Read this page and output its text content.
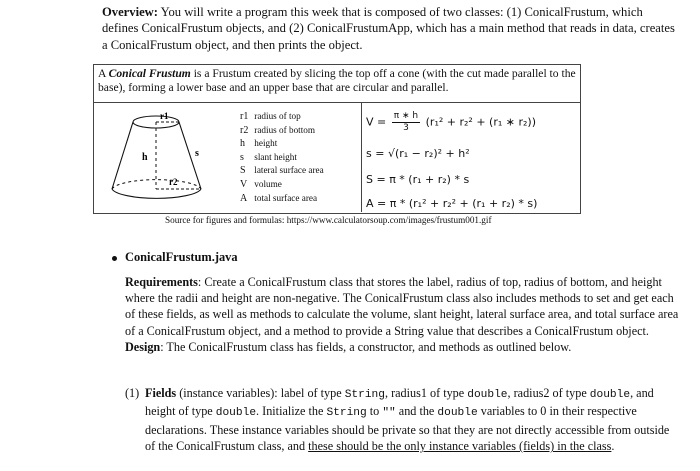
Overview: You will write a program this week that is composed of two classes: (1) ConicalFrustum, which defines ConicalFrustum objects, and (2) ConicalFrustumApp, which has a main method that reads in data, creates a ConicalFrustum object, and then prints the object.
A Conical Frustum is a Frustum created by slicing the top off a cone (with the cut made parallel to the base), forming a lower base and an upper base that are circular and parallel.
r1
r2
s
h
r1 radius of top
r2 radius of bottom
h height
s slant height
S lateral surface area
V volume
A total surface area
$V = \frac{\pi ∗ h}{3} (r_1^2 + r_2^2 + (r_1$ ∗ r₂))
s = √(r₁ − r₂)² + h²
S = π * (r₁ + r₂) * s
A = π * (r₁² + r₂² + (r₁ + r₂) * s)
Source for figures and formulas: https://www.calculatorsoup.com/images/frustum001.gif
ConicalFrustum.java
Requirements: Create a ConicalFrustum class that stores the label, radius of top, radius of bottom, and height where the radii and height are non-negative. The ConicalFrustum class also includes methods to set and get each of these fields, as well as methods to calculate the volume, slant height, lateral surface area, and total surface area of a ConicalFrustum object, and a method to provide a String value that describes a ConicalFrustum object.
Design: The ConicalFrustum class has fields, a constructor, and methods as outlined below.
(1) Fields (instance variables): label of type String, radius1 of type double, radius2 of type double, and height of type double. Initialize the String to "" and the double variables to 0 in their respective declarations. These instance variables should be private so that they are not directly accessible from outside of the ConicalFrustum class, and these should be the only instance variables (fields) in the class.
